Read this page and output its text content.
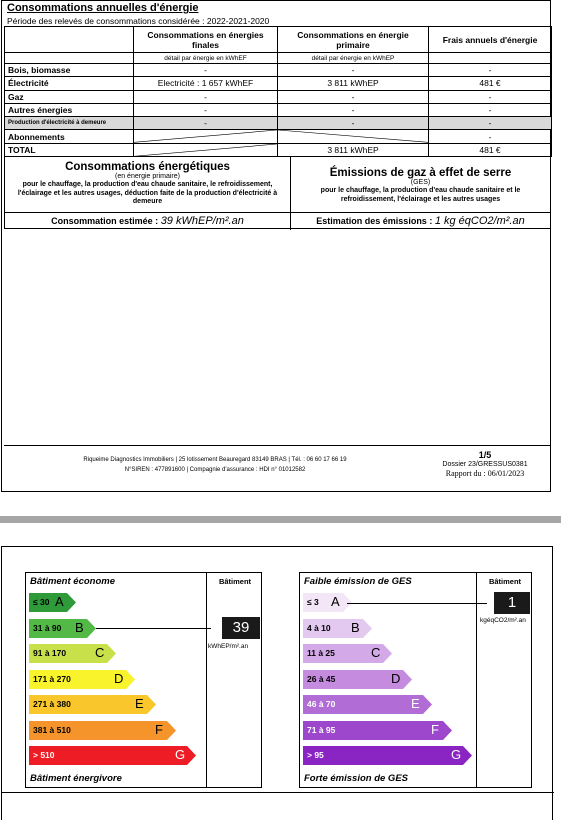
Consommations annuelles d'énergie
Période des relevés de consommations considérée : 2022-2021-2020
	Consommations en énergies finales	Consommations en énergie primaire	Frais annuels d'énergie
	détail par énergie en kWhEF	détail par énergie en kWhEP	
Bois, biomasse	-	-	-
Électricité	Electricité : 1 657 kWhEF	3 811 kWhEP	481 €
Gaz	-	-	-
Autres énergies	-	-	-
Production d'électricité à demeure	-	-	-
Abonnements			-
TOTAL		3 811 kWhEP	481 €
Consommations énergétiques
(en énergie primaire)
pour le chauffage, la production d'eau chaude sanitaire, le refroidissement, l'éclairage et les autres usages, déduction faite de la production d'électricité à demeure
Consommation estimée : 39 kWhEP/m².an
Émissions de gaz à effet de serre
(GES)
pour le chauffage, la production d'eau chaude sanitaire et le refroidissement, l'éclairage et les autres usages
Estimation des émissions : 1 kg éqCO2/m².an
Riqueime Diagnostics Immobiliers | 25 lotissement Beauregard 83149 BRAS | Tél. : 06 60 17 66 19
N°SIREN : 477891600 | Compagnie d'assurance : HDI n° 01012582
1/5
Dossier 23/GRESSUS0381
Rapport du : 06/01/2023
Bâtiment économe	Bâtiment
Bâtiment énergivore
≤ 30 A
31 à 90 B
91 à 170 C
171 à 270	D
271 à 380	E
381 à 510	F
> 510	G
39
kWhEP/m².an
Faible émission de GES	Bâtiment
Forte émission de GES
≤ 3 A
4 à 10 B
11 à 25	C
26 à 45	D
46 à 70	E
71 à 95	F
> 95	G
1
kgéqCO2/m².an
